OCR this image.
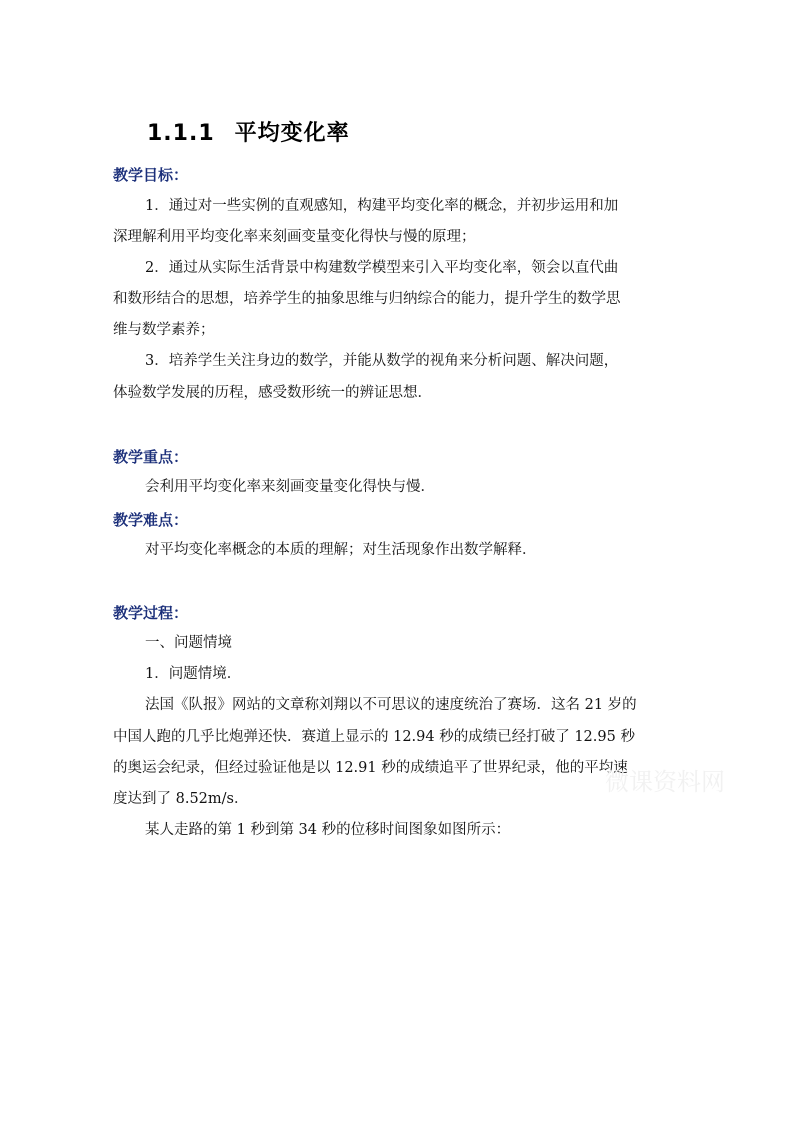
1.1.1 平均变化率
教学目标：
1．通过对一些实例的直观感知，构建平均变化率的概念，并初步运用和加
深理解利用平均变化率来刻画变量变化得快与慢的原理；
2．通过从实际生活背景中构建数学模型来引入平均变化率，领会以直代曲
和数形结合的思想，培养学生的抽象思维与归纳综合的能力，提升学生的数学思
维与数学素养；
3．培养学生关注身边的数学，并能从数学的视角来分析问题、解决问题，
体验数学发展的历程，感受数形统一的辨证思想．
教学重点：
会利用平均变化率来刻画变量变化得快与慢．
教学难点：
对平均变化率概念的本质的理解；对生活现象作出数学解释．
教学过程：
一、问题情境
1．问题情境．
法国《队报》网站的文章称刘翔以不可思议的速度统治了赛场．这名 21 岁的
中国人跑的几乎比炮弹还快．赛道上显示的 12.94 秒的成绩已经打破了 12.95 秒
的奥运会纪录，但经过验证他是以 12.91 秒的成绩追平了世界纪录，他的平均速
度达到了 8.52m/s．
某人走路的第 1 秒到第 34 秒的位移时间图象如图所示：
微课资料网
